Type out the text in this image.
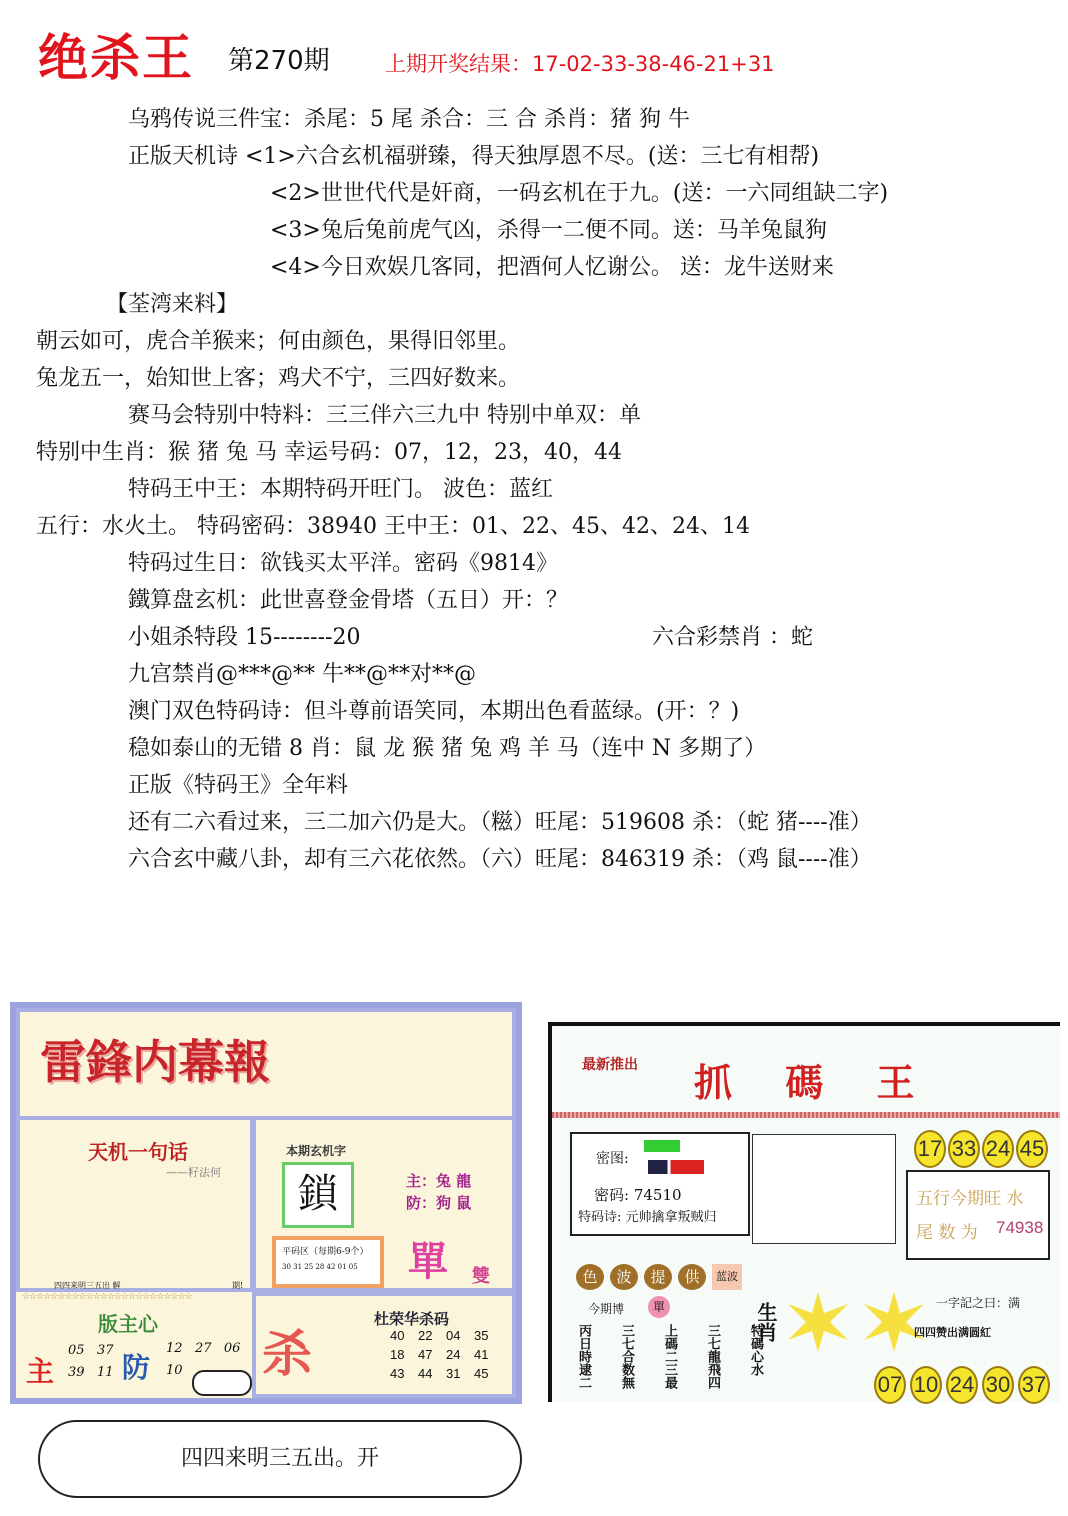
绝杀王 第270期	上期开奖结果：17-02-33-38-46-21+31
乌鸦传说三件宝：杀尾：5 尾 杀合：三 合 杀肖：猪 狗 牛
正版天机诗 <1>六合玄机福骈臻，得天独厚恩不尽。(送：三七有相帮)
<2>世世代代是奸商，一码玄机在于九。(送：一六同组缺二字)
<3>兔后兔前虎气凶，杀得一二便不同。送：马羊兔鼠狗
<4>今日欢娱几客同，把酒何人忆谢公。 送：龙牛送财来
【荃湾来料】
朝云如可，虎合羊猴来；何由颜色，果得旧邻里。
兔龙五一，始知世上客；鸡犬不宁，三四好数来。
赛马会特别中特料：三三伴六三九中 特别中单双：单
特别中生肖：猴 猪 兔 马 幸运号码：07，12，23，40，44
特码王中王：本期特码开旺门。 波色：蓝红
五行：水火土。 特码密码：38940 王中王：01、22、45、42、24、14
特码过生日：欲钱买太平洋。密码《9814》
鐵算盘玄机：此世喜登金骨塔（五日）开：？
小姐杀特段 15--------20	六合彩禁肖 ：蛇
九宫禁肖@***@** 牛**@**对**@
澳门双色特码诗：但斗尊前语笑同，本期出色看蓝绿。(开：？)
稳如泰山的无错 8 肖：鼠 龙 猴 猪 兔 鸡 羊 马（连中 N 多期了）
正版《特码王》全年料
还有二六看过来，三二加六仍是大。（糍）旺尾：519608 杀：（蛇 猪----准）
六合玄中藏八卦，却有三六花依然。（六）旺尾：846319 杀：（鸡 鼠----准）
雷鋒内幕報
天机一句话
——籽法何
四四来明三五出 解	期!
☆☆☆☆☆☆☆☆☆☆☆☆☆☆☆☆☆☆☆☆☆☆☆☆
版主心
主
05 37
39 11 防
12 27 06
10
本期玄机字
鎖	主：兔 龍
防：狗 鼠
平码区（每期6-9个）
30 31 25 28 42 01 05	單 雙
杀
杜荣华杀码
40	22	04	35
18	47	24	41
43	44	31	45
最新推出 抓 碼 王
密图:
密码: 74510
特码诗: 元帅擒拿叛贼归
17 33 24 45
五行今期旺 水
尾 数 为 74938
色	波	提	供	蓝波
今期博	單
丙日時逮二 三七合数無 上碼二三最 三七龍飛四 特碼心水
生肖	一字記之曰：满
四四赞出满圆紅
07 10 24 30 37
四四来明三五出。开
